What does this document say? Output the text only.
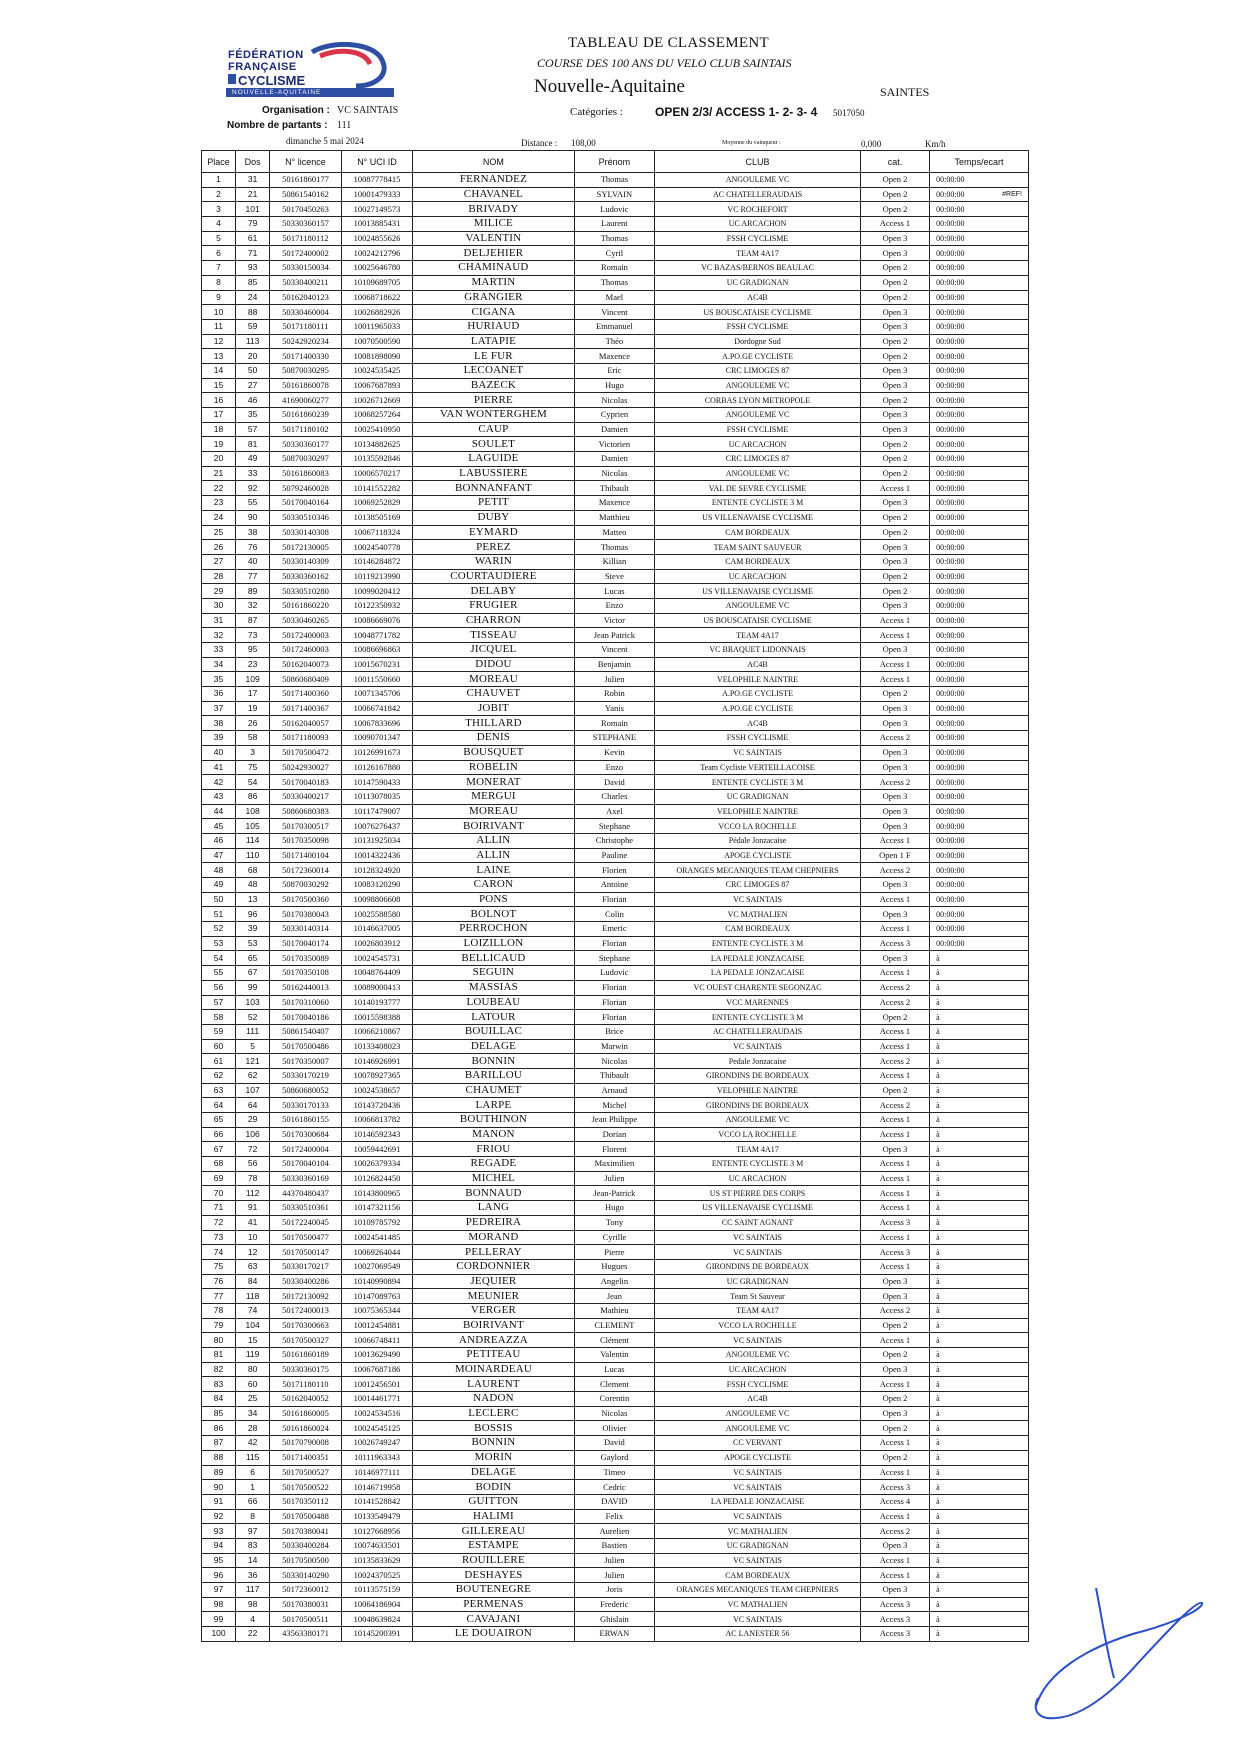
FÉDÉRATION
FRANÇAISE
CYCLISME
NOUVELLE-AQUITAINE
TABLEAU DE CLASSEMENT
COURSE DES 100 ANS DU VELO CLUB SAINTAIS
Nouvelle-Aquitaine	SAINTES
Organisation : VC SAINTAIS
Nombre de partants : 111
Catégories :	OPEN 2/3/ ACCESS 1- 2- 3- 4 5017050
dimanche 5 mai 2024	Distance : 108,00	Moyenne du vainqueur :	0,000	Km/h
Place	Dos	N° licence	N° UCI ID	NOM	Prénom	CLUB	cat.	Temps/ecart
1	31	50161860177	10087778415	FERNANDEZ	Thomas	ANGOULEME VC	Open 2	00:00:00
2	21	50861540162	10001479333	CHAVANEL	SYLVAIN	AC CHATELLERAUDAIS	Open 2	00:00:00 #REF!

3	101	50170450263	10027149573	BRIVADY	Ludovic	VC ROCHEFORT	Open 2	00:00:00
4	79	50330360157	10013885431	MILICE	Laurent	UC ARCACHON	Access 1	00:00:00
5	61	50171180112	10024855626	VALENTIN	Thomas	FSSH CYCLISME	Open 3	00:00:00
6	71	50172400002	10024212796	DELJEHIER	Cyril	TEAM 4A17	Open 3	00:00:00
7	93	50330150034	10025646780	CHAMINAUD	Romain	VC BAZAS/BERNOS BEAULAC	Open 2	00:00:00
8	85	50330400211	10109689705	MARTIN	Thomas	UC GRADIGNAN	Open 2	00:00:00
9	24	50162040123	10068718622	GRANGIER	Mael	AC4B	Open 2	00:00:00
10	88	50330460004	10026882926	CIGANA	Vincent	US BOUSCATAISE CYCLISME	Open 3	00:00:00
11	59	50171180111	10011965033	HURIAUD	Emmanuel	FSSH CYCLISME	Open 3	00:00:00
12	113	50242920234	10070500590	LATAPIE	Théo	Dordogne Sud	Open 2	00:00:00
13	20	50171400330	10081898090	LE FUR	Maxence	A.PO.GE CYCLISTE	Open 2	00:00:00
14	50	50870030295	10024535425	LECOANET	Eric	CRC LIMOGES 87	Open 3	00:00:00
15	27	50161860078	10067687893	BAZECK	Hugo	ANGOULEME VC	Open 3	00:00:00
16	46	41690060277	10026712669	PIERRE	Nicolas	CORBAS LYON METROPOLE	Open 2	00:00:00
17	35	50161860239	10068257264	VAN WONTERGHEM	Cyprien	ANGOULEME VC	Open 3	00:00:00
18	57	50171180102	10025410950	CAUP	Damien	FSSH CYCLISME	Open 3	00:00:00
19	81	50330360177	10134882625	SOULET	Victorien	UC ARCACHON	Open 2	00:00:00
20	49	50870030297	10135592846	LAGUIDE	Damien	CRC LIMOGES 87	Open 2	00:00:00
21	33	50161860083	10006570217	LABUSSIERE	Nicolas	ANGOULEME VC	Open 2	00:00:00
22	92	50792460028	10141552282	BONNANFANT	Thibault	VAL DE SEVRE CYCLISME	Access 1	00:00:00
23	55	50170040164	10069252829	PETIT	Maxence	ENTENTE CYCLISTE 3 M	Open 3	00:00:00
24	90	50330510346	10138505169	DUBY	Matthieu	US VILLENAVAISE CYCLISME	Open 2	00:00:00
25	38	50330140308	10067118324	EYMARD	Matteo	CAM BORDEAUX	Open 2	00:00:00
26	76	50172130005	10024540778	PEREZ	Thomas	TEAM SAINT SAUVEUR	Open 3	00:00:00
27	40	50330140309	10146284872	WARIN	Killian	CAM BORDEAUX	Open 3	00:00:00
28	77	50330360162	10119213990	COURTAUDIERE	Steve	UC ARCACHON	Open 2	00:00:00
29	89	50330510280	10099020412	DELABY	Lucas	US VILLENAVAISE CYCLISME	Open 2	00:00:00
30	32	50161860220	10122350932	FRUGIER	Enzo	ANGOULEME VC	Open 3	00:00:00
31	87	50330460265	10086669076	CHARRON	Victor	US BOUSCATAISE CYCLISME	Access 1	00:00:00
32	73	50172400003	10048771782	TISSEAU	Jean Patrick	TEAM 4A17	Access 1	00:00:00
33	95	50172460003	10086696863	JICQUEL	Vincent	VC BRAQUET LIDONNAIS	Open 3	00:00:00
34	23	50162040073	10015670231	DIDOU	Benjamin	AC4B	Access 1	00:00:00
35	109	50860680409	10011550660	MOREAU	Julien	VELOPHILE NAINTRE	Access 1	00:00:00
36	17	50171400360	10071345706	CHAUVET	Robin	A.PO.GE CYCLISTE	Open 2	00:00:00
37	19	50171400367	10066741842	JOBIT	Yanis	A.PO.GE CYCLISTE	Open 3	00:00:00
38	26	50162040057	10067833696	THILLARD	Romain	AC4B	Open 3	00:00:00
39	58	50171180093	10090701347	DENIS	STEPHANE	FSSH CYCLISME	Access 2	00:00:00
40	3	50170500472	10126991673	BOUSQUET	Kevin	VC SAINTAIS	Open 3	00:00:00
41	75	50242930027	10126167880	ROBELIN	Enzo	Team Cycliste VERTEILLACOISE	Open 3	00:00:00
42	54	50170040183	10147590433	MONERAT	David	ENTENTE CYCLISTE 3 M	Access 2	00:00:00
43	86	50330400217	10113078035	MERGUI	Charles	UC GRADIGNAN	Open 3	00:00:00
44	108	50860680383	10117479007	MOREAU	Axel	VELOPHILE NAINTRE	Open 3	00:00:00
45	105	50170300517	10076276437	BOIRIVANT	Stephane	VCCO LA ROCHELLE	Open 3	00:00:00
46	114	50170350098	10131925034	ALLIN	Christophe	Pédale Jonzacaise	Access 1	00:00:00
47	110	50171400104	10014322436	ALLIN	Pauline	APOGE CYCLISTE	Open 1 F	00:00:00
48	68	50172360014	10128324920	LAINE	Florien	ORANGES MECANIQUES TEAM CHEPNIERS	Access 2	00:00:00
49	48	50870030292	10083120290	CARON	Antoine	CRC LIMOGES 87	Open 3	00:00:00
50	13	50170500360	10098806608	PONS	Florian	VC SAINTAIS	Access 1	00:00:00
51	96	50170380043	10025588580	BOLNOT	Colin	VC MATHALIEN	Open 3	00:00:00
52	39	50330140314	10146637005	PERROCHON	Emeric	CAM BORDEAUX	Access 1	00:00:00
53	53	50170040174	10026803912	LOIZILLON	Florian	ENTENTE CYCLISTE 3 M	Access 3	00:00:00
54	65	50170350089	10024545731	BELLICAUD	Stephane	LA PEDALE JONZACAISE	Open 3	à
55	67	50170350108	10048764409	SEGUIN	Ludovic	LA PEDALE JONZACAISE	Access 1	à
56	99	50162440013	10089000413	MASSIAS	Florian	VC OUEST CHARENTE SEGONZAC	Access 2	à
57	103	50170310060	10140193777	LOUBEAU	Florian	VCC MARENNES	Access 2	à
58	52	50170040186	10015598388	LATOUR	Florian	ENTENTE CYCLISTE 3 M	Open 2	à
59	111	50861540407	10066210867	BOUILLAC	Brice	AC CHATELLERAUDAIS	Access 1	à
60	5	50170500486	10133408023	DELAGE	Marwin	VC SAINTAIS	Access 1	à
61	121	50170350007	10146926991	BONNIN	Nicolas	Pedale Jonzacaise	Access 2	à
62	62	50330170219	10078927365	BARILLOU	Thibault	GIRONDINS DE BORDEAUX	Access 1	à
63	107	50860680052	10024538657	CHAUMET	Arnaud	VELOPHILE NAINTRE	Open 2	à
64	64	50330170133	10143720436	LARPE	Michel	GIRONDINS DE BORDEAUX	Access 2	à
65	29	50161860155	10066813782	BOUTHINON	Jean Philippe	ANGOULEME VC	Access 1	à
66	106	50170300684	10146592343	MANON	Dorian	VCCO LA ROCHELLE	Access 1	à
67	72	50172400004	10059442691	FRIOU	Florent	TEAM 4A17	Open 3	à
68	56	50170040104	10026379334	REGADE	Maximilien	ENTENTE CYCLISTE 3 M	Access 1	à
69	78	50330360169	10126824450	MICHEL	Julien	UC ARCACHON	Access 1	à
70	112	44370480437	10143800965	BONNAUD	Jean-Patrick	US ST PIERRE DES CORPS	Access 1	à
71	91	50330510361	10147321156	LANG	Hugo	US VILLENAVAISE CYCLISME	Access 1	à
72	41	50172240045	10109785792	PEDREIRA	Tony	CC SAINT AGNANT	Access 3	à
73	10	50170500477	10024541485	MORAND	Cyrille	VC SAINTAIS	Access 1	à
74	12	50170500147	10069264044	PELLERAY	Pierre	VC SAINTAIS	Access 3	à
75	63	50330170217	10027069549	CORDONNIER	Hugues	GIRONDINS DE BORDEAUX	Access 1	à
76	84	50330400286	10140990894	JEQUIER	Angelin	UC GRADIGNAN	Open 3	à
77	118	50172130092	10147089763	MEUNIER	Jean	Team St Sauveur	Open 3	à
78	74	50172400013	10075365344	VERGER	Mathieu	TEAM 4A17	Access 2	à
79	104	50170300663	10012454881	BOIRIVANT	CLEMENT	VCCO LA ROCHELLE	Open 2	à
80	15	50170500327	10066748411	ANDREAZZA	Clément	VC SAINTAIS	Access 1	à
81	119	50161860189	10013629490	PETITEAU	Valentin	ANGOULEME VC	Open 2	à
82	80	50330360175	10067687186	MOINARDEAU	Lucas	UC ARCACHON	Open 3	à
83	60	50171180110	10012456501	LAURENT	Clement	FSSH CYCLISME	Access 1	à
84	25	50162040052	10014461771	NADON	Corentin	AC4B	Open 2	à
85	34	50161860005	10024534516	LECLERC	Nicolas	ANGOULEME VC	Open 3	à
86	28	50161860024	10024545125	BOSSIS	Olivier	ANGOULEME VC	Open 2	à
87	42	50170790008	10026749247	BONNIN	David	CC VERVANT	Access 1	à
88	115	50171400351	10111963343	MORIN	Gaylord	APOGE CYCLISTE	Open 2	à
89	6	50170500527	10146977111	DELAGE	Timeo	VC SAINTAIS	Access 1	à
90	1	50170500522	10146719958	BODIN	Cedric	VC SAINTAIS	Access 3	à
91	66	50170350112	10141528842	GUITTON	DAVID	LA PEDALE JONZACAISE	Access 4	à
92	8	50170500488	10133549479	HALIMI	Felix	VC SAINTAIS	Access 1	à
93	97	50170380041	10127668956	GILLEREAU	Aurelien	VC MATHALIEN	Access 2	à
94	83	50330400284	10074633501	ESTAMPE	Bastien	UC GRADIGNAN	Open 3	à
95	14	50170500500	10135833629	ROUILLERE	Julien	VC SAINTAIS	Access 1	à
96	36	50330140290	10024370525	DESHAYES	Julien	CAM BORDEAUX	Access 1	à
97	117	50172360012	10113575159	BOUTENEGRE	Joris	ORANGES MECANIQUES TEAM CHEPNIERS	Open 3	à
98	98	50170380031	10064186904	PERMENAS	Frederic	VC MATHALIEN	Access 3	à
99	4	50170500511	10048639824	CAVAJANI	Ghislain	VC SAINTAIS	Access 3	à
100	22	43563380171	10145200391	LE DOUAIRON	ERWAN	AC LANESTER 56	Access 3	à
